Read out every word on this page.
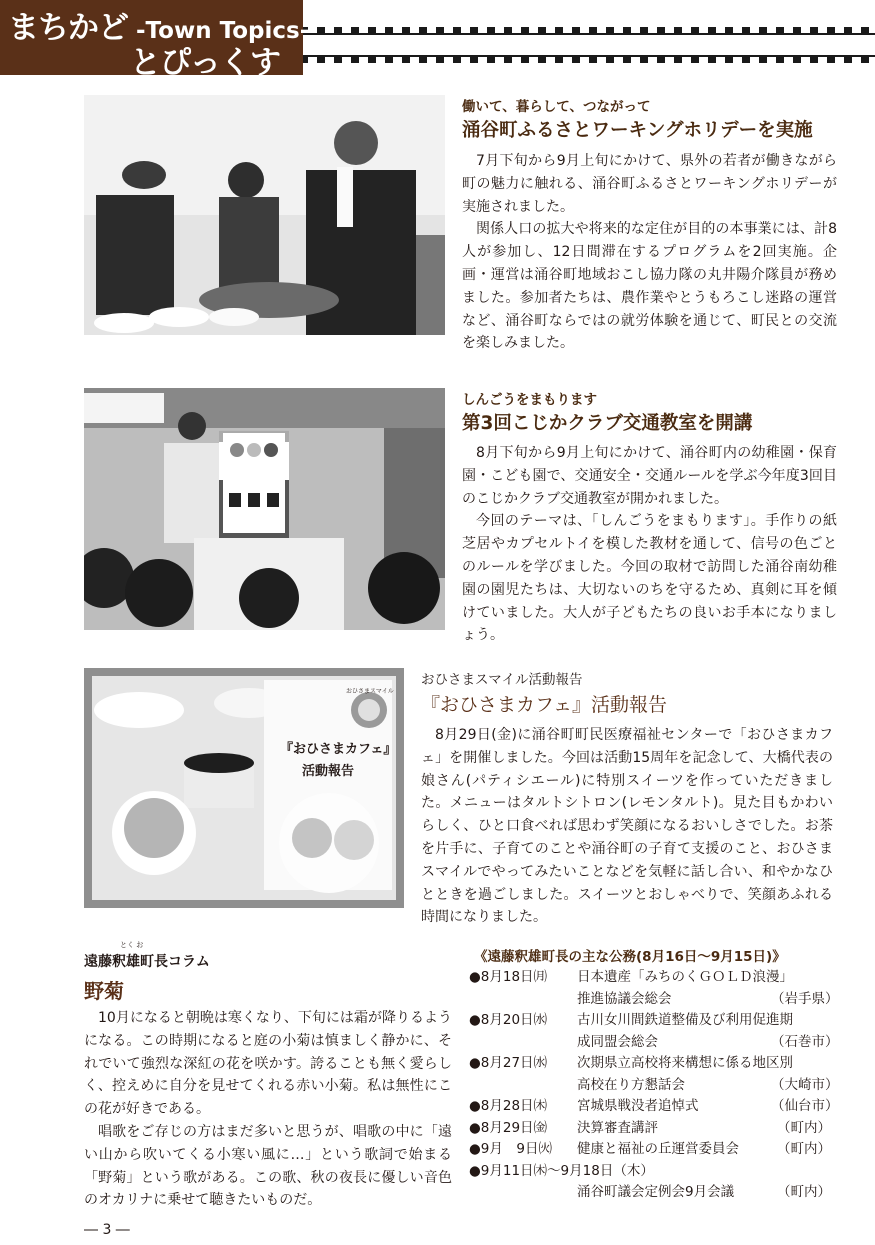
まちかど -Town Topics-
とぴっくす
働いて、暮らして、つながって
涌谷町ふるさとワーキングホリデーを実施

7月下旬から9月上旬にかけて、県外の若者が働きながら町の魅力に触れる、涌谷町ふるさとワーキングホリデーが実施されました。

関係人口の拡大や将来的な定住が目的の本事業には、計8人が参加し、12日間滞在するプログラムを2回実施。企画・運営は涌谷町地域おこし協力隊の丸井陽介隊員が務めました。参加者たちは、農作業やとうもろこし迷路の運営など、涌谷町ならではの就労体験を通じて、町民との交流を楽しみました。

しんごうをまもります
第3回こじかクラブ交通教室を開講

8月下旬から9月上旬にかけて、涌谷町内の幼稚園・保育園・こども園で、交通安全・交通ルールを学ぶ今年度3回目のこじかクラブ交通教室が開かれました。

今回のテーマは、「しんごうをまもります」。手作りの紙芝居やカプセルトイを模した教材を通して、信号の色ごとのルールを学びました。今回の取材で訪問した涌谷南幼稚園の園児たちは、大切ないのちを守るため、真剣に耳を傾けていました。大人が子どもたちの良いお手本になりましょう。

おひさまスマイル
『おひさまカフェ』
活動報告
おひさまスマイル活動報告
『おひさまカフェ』活動報告

8月29日(金)に涌谷町町民医療福祉センターで「おひさまカフェ」を開催しました。今回は活動15周年を記念して、大橋代表の娘さん(パティシエール)に特別スイーツを作っていただきました。メニューはタルトシトロン(レモンタルト)。見た目もかわいらしく、ひと口食べれば思わず笑顔になるおいしさでした。お茶を片手に、子育てのことや涌谷町の子育て支援のこと、おひさまスマイルでやってみたいことなどを気軽に話し合い、和やかなひとときを過ごしました。スイーツとおしゃべりで、笑顔あふれる時間になりました。

とく お
遠藤釈雄町長コラム
野菊

10月になると朝晩は寒くなり、下旬には霜が降りるようになる。この時期になると庭の小菊は慎ましく静かに、それでいて強烈な深紅の花を咲かす。誇ることも無く愛らしく、控えめに自分を見せてくれる赤い小菊。私は無性にこの花が好きである。

唱歌をご存じの方はまだ多いと思うが、唱歌の中に「遠い山から吹いてくる小寒い風に…」という歌詞で始まる「野菊」という歌がある。この歌、秋の夜長に優しい音色のオカリナに乗せて聴きたいものだ。

《遠藤釈雄町長の主な公務(8月16日〜9月15日)》
●8月18日㈪	日本遺産「みちのくＧＯＬＤ浪漫」
推進協議会総会	（岩手県）
●8月20日㈬	古川女川間鉄道整備及び利用促進期
成同盟会総会	（石巻市）
●8月27日㈬	次期県立高校将来構想に係る地区別
高校在り方懇話会	（大崎市）
●8月28日㈭	宮城県戦没者追悼式	（仙台市）
●8月29日㈮	決算審査講評	（町内）
●9月　9日㈫	健康と福祉の丘運営委員会	（町内）
●9月11日㈭〜9月18日（木）
涌谷町議会定例会9月会議	（町内）
― 3 ―
